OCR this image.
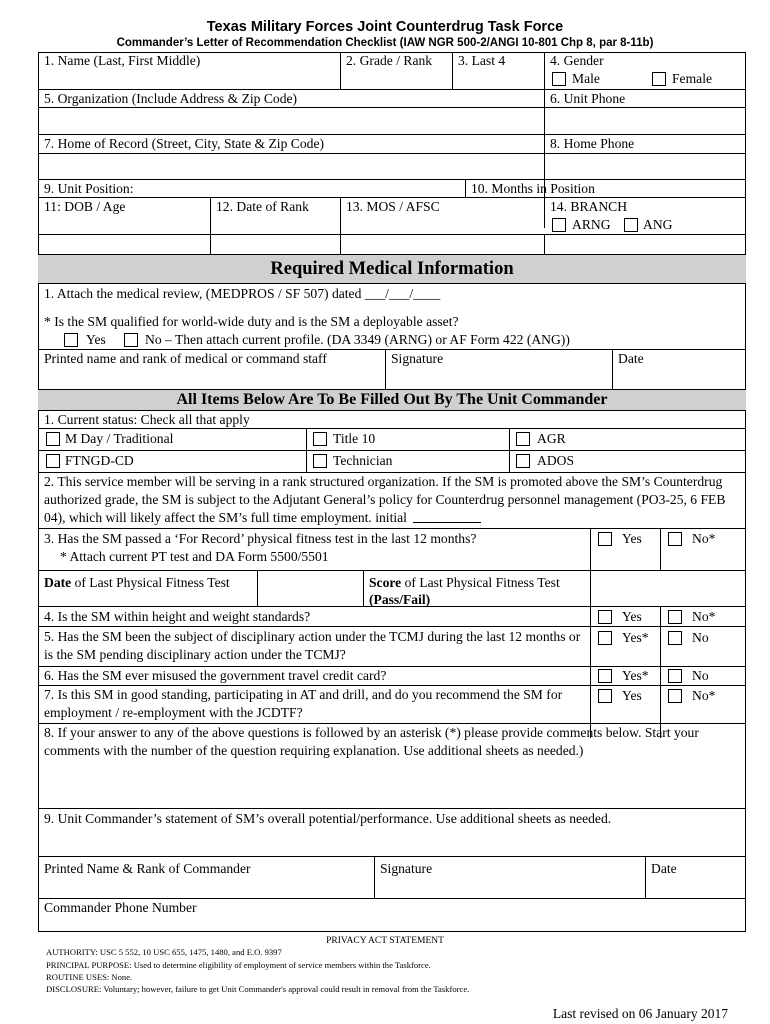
Texas Military Forces Joint Counterdrug Task Force
Commander’s Letter of Recommendation Checklist (IAW NGR 500-2/ANGI 10-801 Chp 8, par 8-11b)
1. Name (Last, First Middle)	2. Grade / Rank 3. Last 4	4. Gender
Male	Female
5. Organization (Include Address & Zip Code)	6. Unit Phone
7. Home of Record (Street, City, State & Zip Code)	8. Home Phone
9. Unit Position:	10. Months in Position
11: DOB / Age	12. Date of Rank	13. MOS / AFSC	14. BRANCH
ARNG ANG
Required Medical Information
1. Attach the medical review, (MEDPROS / SF 507) dated ___/___/____
* Is the SM qualified for world-wide duty and is the SM a deployable asset?
Yes	No – Then attach current profile. (DA 3349 (ARNG) or AF Form 422 (ANG))
Printed name and rank of medical or command staff	Signature	Date
All Items Below Are To Be Filled Out By The Unit Commander
1. Current status: Check all that apply
M Day / Traditional	Title 10	AGR
FTNGD-CD	Technician	ADOS
2. This service member will be serving in a rank structured organization. If the SM is promoted above the SM’s Counterdrug authorized grade, the SM is subject to the Adjutant General’s policy for Counterdrug personnel management (PO3-25, 6 FEB 04), which will likely affect the SM’s full time employment. initial
3. Has the SM passed a ‘For Record’ physical fitness test in the last 12 months?
* Attach current PT test and DA Form 5500/5501
Yes	No*
Date of Last Physical Fitness Test	Score of Last Physical Fitness Test (Pass/Fail)
4. Is the SM within height and weight standards?	Yes	No*
5. Has the SM been the subject of disciplinary action under the TCMJ during the last 12 months or is the SM pending disciplinary action under the TCMJ?
Yes*	No
6. Has the SM ever misused the government travel credit card?	Yes*	No
7. Is this SM in good standing, participating in AT and drill, and do you recommend the SM for employment / re-employment with the JCDTF?
Yes	No*
8. If your answer to any of the above questions is followed by an asterisk (*) please provide comments below. Start your comments with the number of the question requiring explanation. Use additional sheets as needed.)
9. Unit Commander’s statement of SM’s overall potential/performance. Use additional sheets as needed.
Printed Name & Rank of Commander	Signature	Date
Commander Phone Number
PRIVACY ACT STATEMENT
AUTHORITY: USC 5 552, 10 USC 655, 1475, 1480, and E.O. 9397
PRINCIPAL PURPOSE: Used to determine eligibility of employment of service members within the Taskforce.
ROUTINE USES: None.
DISCLOSURE: Voluntary; however, failure to get Unit Commander's approval could result in removal from the Taskforce.
Last revised on 06 January 2017
